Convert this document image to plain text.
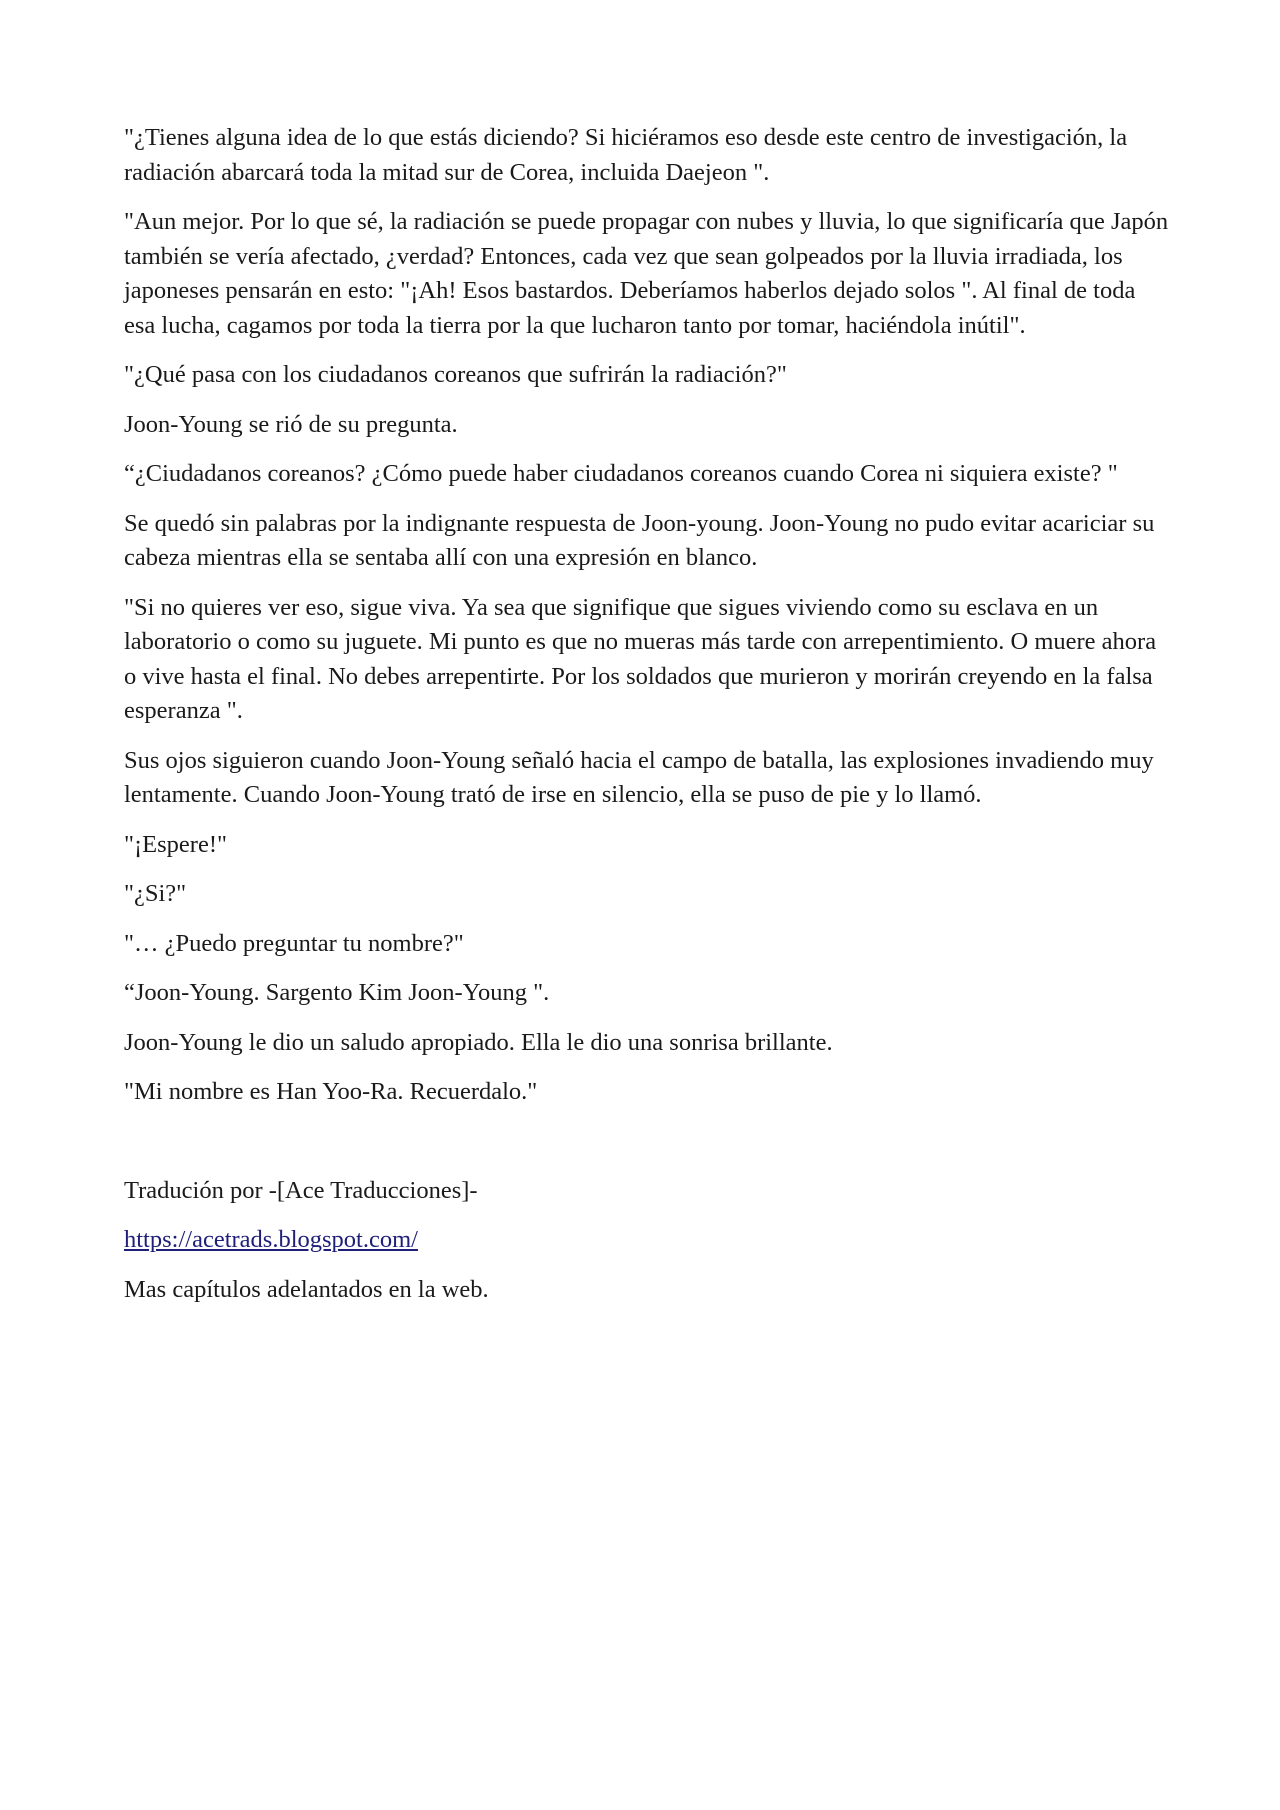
"¿Tienes alguna idea de lo que estás diciendo? Si hiciéramos eso desde este centro de investigación, la radiación abarcará toda la mitad sur de Corea, incluida Daejeon ".

"Aun mejor. Por lo que sé, la radiación se puede propagar con nubes y lluvia, lo que significaría que Japón también se vería afectado, ¿verdad? Entonces, cada vez que sean golpeados por la lluvia irradiada, los japoneses pensarán en esto: "¡Ah! Esos bastardos. Deberíamos haberlos dejado solos ". Al final de toda esa lucha, cagamos por toda la tierra por la que lucharon tanto por tomar, haciéndola inútil".

"¿Qué pasa con los ciudadanos coreanos que sufrirán la radiación?"

Joon-Young se rió de su pregunta.

“¿Ciudadanos coreanos? ¿Cómo puede haber ciudadanos coreanos cuando Corea ni siquiera existe? "

Se quedó sin palabras por la indignante respuesta de Joon-young. Joon-Young no pudo evitar acariciar su cabeza mientras ella se sentaba allí con una expresión en blanco.

"Si no quieres ver eso, sigue viva. Ya sea que signifique que sigues viviendo como su esclava en un laboratorio o como su juguete. Mi punto es que no mueras más tarde con arrepentimiento. O muere ahora o vive hasta el final. No debes arrepentirte. Por los soldados que murieron y morirán creyendo en la falsa esperanza ".

Sus ojos siguieron cuando Joon-Young señaló hacia el campo de batalla, las explosiones invadiendo muy lentamente. Cuando Joon-Young trató de irse en silencio, ella se puso de pie y lo llamó.

"¡Espere!"

"¿Si?"

"… ¿Puedo preguntar tu nombre?"

“Joon-Young. Sargento Kim Joon-Young ".

Joon-Young le dio un saludo apropiado. Ella le dio una sonrisa brillante.

"Mi nombre es Han Yoo-Ra. Recuerdalo."

Tradución por -[Ace Traducciones]-

https://acetrads.blogspot.com/

Mas capítulos adelantados en la web.
